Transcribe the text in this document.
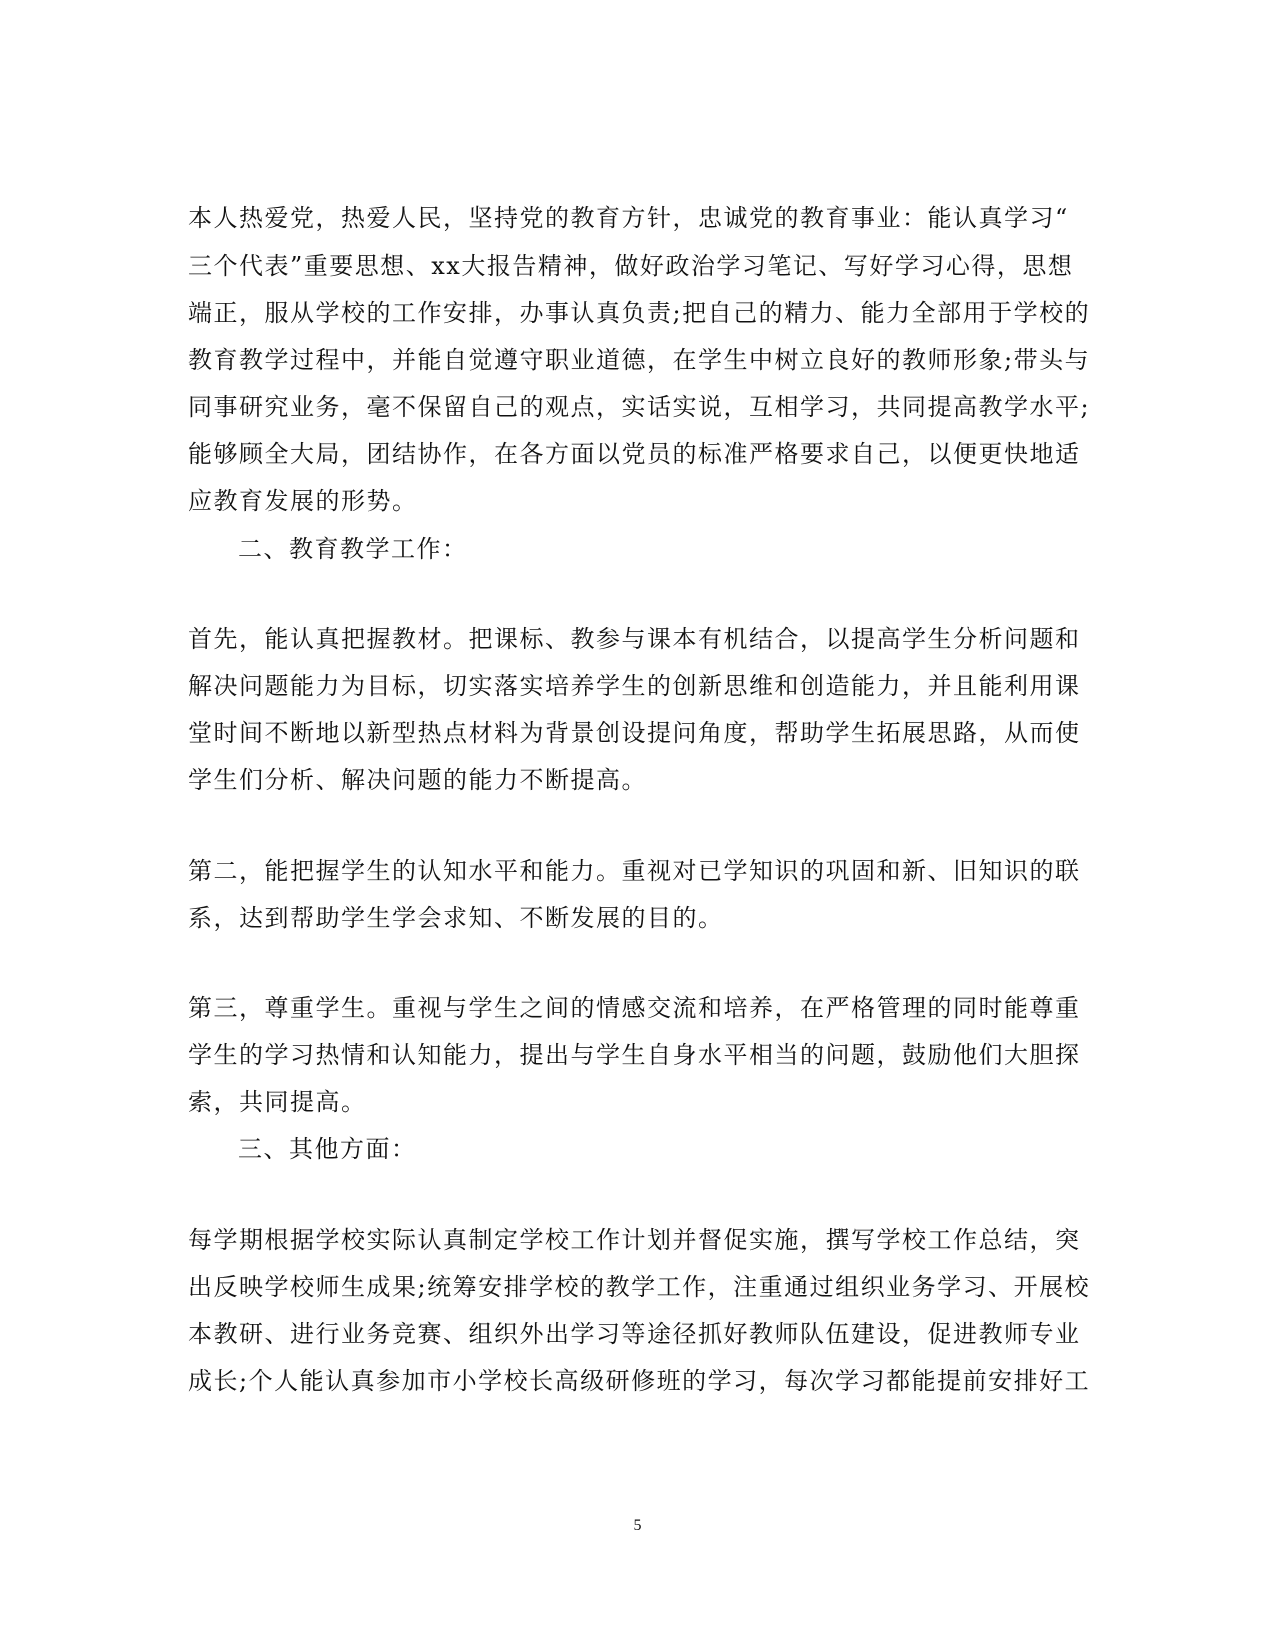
本人热爱党，热爱人民，坚持党的教育方针，忠诚党的教育事业：能认真学习“
三个代表”重要思想、xx大报告精神，做好政治学习笔记、写好学习心得，思想
端正，服从学校的工作安排，办事认真负责;把自己的精力、能力全部用于学校的
教育教学过程中，并能自觉遵守职业道德，在学生中树立良好的教师形象;带头与
同事研究业务，毫不保留自己的观点，实话实说，互相学习，共同提高教学水平;
能够顾全大局，团结协作，在各方面以党员的标准严格要求自己，以便更快地适
应教育发展的形势。
二、教育教学工作：
首先，能认真把握教材。把课标、教参与课本有机结合，以提高学生分析问题和
解决问题能力为目标，切实落实培养学生的创新思维和创造能力，并且能利用课
堂时间不断地以新型热点材料为背景创设提问角度，帮助学生拓展思路，从而使
学生们分析、解决问题的能力不断提高。
第二，能把握学生的认知水平和能力。重视对已学知识的巩固和新、旧知识的联
系，达到帮助学生学会求知、不断发展的目的。
第三，尊重学生。重视与学生之间的情感交流和培养，在严格管理的同时能尊重
学生的学习热情和认知能力，提出与学生自身水平相当的问题，鼓励他们大胆探
索，共同提高。
三、其他方面：
每学期根据学校实际认真制定学校工作计划并督促实施，撰写学校工作总结，突
出反映学校师生成果;统筹安排学校的教学工作，注重通过组织业务学习、开展校
本教研、进行业务竞赛、组织外出学习等途径抓好教师队伍建设，促进教师专业
成长;个人能认真参加市小学校长高级研修班的学习，每次学习都能提前安排好工
5
